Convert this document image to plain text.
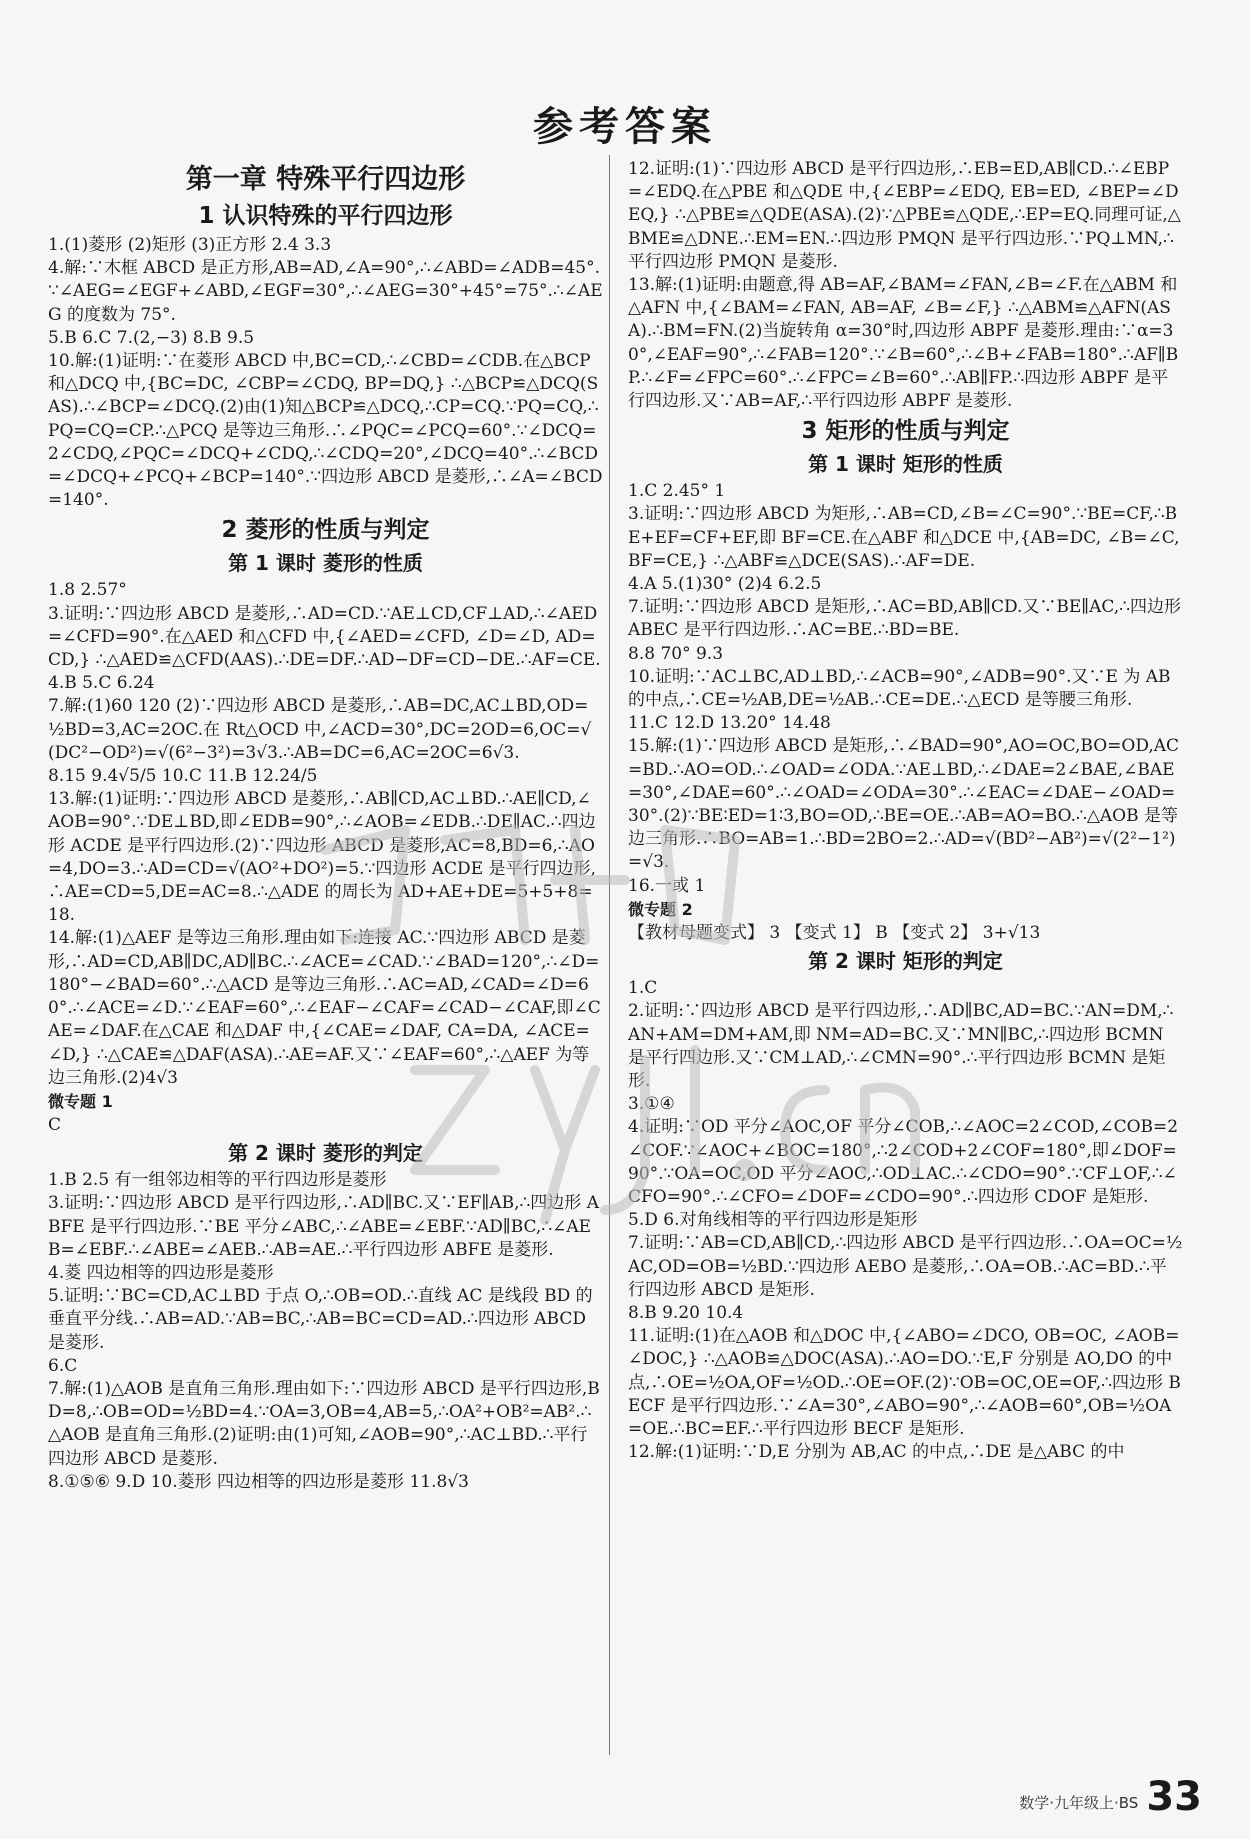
参考答案
第一章 特殊平行四边形
1 认识特殊的平行四边形
1.(1)菱形 (2)矩形 (3)正方形 2.4 3.3
4.解:∵木框 ABCD 是正方形,AB=AD,∠A=90°,∴∠ABD=∠ADB=45°.∵∠AEG=∠EGF+∠ABD,∠EGF=30°,∴∠AEG=30°+45°=75°.∴∠AEG 的度数为 75°.
5.B 6.C 7.(2,−3) 8.B 9.5
10.解:(1)证明:∵在菱形 ABCD 中,BC=CD,∴∠CBD=∠CDB.在△BCP 和△DCQ 中,{BC=DC, ∠CBP=∠CDQ, BP=DQ,} ∴△BCP≌△DCQ(SAS).∴∠BCP=∠DCQ.(2)由(1)知△BCP≌△DCQ,∴CP=CQ.∵PQ=CQ,∴PQ=CQ=CP.∴△PCQ 是等边三角形.∴∠PQC=∠PCQ=60°.∵∠DCQ=2∠CDQ,∠PQC=∠DCQ+∠CDQ,∴∠CDQ=20°,∠DCQ=40°.∴∠BCD=∠DCQ+∠PCQ+∠BCP=140°.∵四边形 ABCD 是菱形,∴∠A=∠BCD=140°.
2 菱形的性质与判定
第 1 课时 菱形的性质
1.8 2.57°
3.证明:∵四边形 ABCD 是菱形,∴AD=CD.∵AE⊥CD,CF⊥AD,∴∠AED=∠CFD=90°.在△AED 和△CFD 中,{∠AED=∠CFD, ∠D=∠D, AD=CD,} ∴△AED≌△CFD(AAS).∴DE=DF.∴AD−DF=CD−DE.∴AF=CE.
4.B 5.C 6.24
7.解:(1)60 120 (2)∵四边形 ABCD 是菱形,∴AB=DC,AC⊥BD,OD=½BD=3,AC=2OC.在 Rt△OCD 中,∠ACD=30°,DC=2OD=6,OC=√(DC²−OD²)=√(6²−3²)=3√3.∴AB=DC=6,AC=2OC=6√3.
8.15 9.4√5/5 10.C 11.B 12.24/5
13.解:(1)证明:∵四边形 ABCD 是菱形,∴AB∥CD,AC⊥BD.∴AE∥CD,∠AOB=90°.∵DE⊥BD,即∠EDB=90°,∴∠AOB=∠EDB.∴DE∥AC.∴四边形 ACDE 是平行四边形.(2)∵四边形 ABCD 是菱形,AC=8,BD=6,∴AO=4,DO=3.∴AD=CD=√(AO²+DO²)=5.∵四边形 ACDE 是平行四边形,∴AE=CD=5,DE=AC=8.∴△ADE 的周长为 AD+AE+DE=5+5+8=18.
14.解:(1)△AEF 是等边三角形.理由如下:连接 AC.∵四边形 ABCD 是菱形,∴AD=CD,AB∥DC,AD∥BC.∴∠ACE=∠CAD.∵∠BAD=120°,∴∠D=180°−∠BAD=60°.∴△ACD 是等边三角形.∴AC=AD,∠CAD=∠D=60°.∴∠ACE=∠D.∵∠EAF=60°,∴∠EAF−∠CAF=∠CAD−∠CAF,即∠CAE=∠DAF.在△CAE 和△DAF 中,{∠CAE=∠DAF, CA=DA, ∠ACE=∠D,} ∴△CAE≌△DAF(ASA).∴AE=AF.又∵∠EAF=60°,∴△AEF 为等边三角形.(2)4√3
微专题 1
C
第 2 课时 菱形的判定
1.B 2.5 有一组邻边相等的平行四边形是菱形
3.证明:∵四边形 ABCD 是平行四边形,∴AD∥BC.又∵EF∥AB,∴四边形 ABFE 是平行四边形.∵BE 平分∠ABC,∴∠ABE=∠EBF.∵AD∥BC,∴∠AEB=∠EBF.∴∠ABE=∠AEB.∴AB=AE.∴平行四边形 ABFE 是菱形.
4.菱 四边相等的四边形是菱形
5.证明:∵BC=CD,AC⊥BD 于点 O,∴OB=OD.∴直线 AC 是线段 BD 的垂直平分线.∴AB=AD.∵AB=BC,∴AB=BC=CD=AD.∴四边形 ABCD 是菱形.
6.C
7.解:(1)△AOB 是直角三角形.理由如下:∵四边形 ABCD 是平行四边形,BD=8,∴OB=OD=½BD=4.∵OA=3,OB=4,AB=5,∴OA²+OB²=AB².∴△AOB 是直角三角形.(2)证明:由(1)可知,∠AOB=90°,∴AC⊥BD.∴平行四边形 ABCD 是菱形.
8.①⑤⑥ 9.D 10.菱形 四边相等的四边形是菱形 11.8√3
12.证明:(1)∵四边形 ABCD 是平行四边形,∴EB=ED,AB∥CD.∴∠EBP=∠EDQ.在△PBE 和△QDE 中,{∠EBP=∠EDQ, EB=ED, ∠BEP=∠DEQ,} ∴△PBE≌△QDE(ASA).(2)∵△PBE≌△QDE,∴EP=EQ.同理可证,△BME≌△DNE.∴EM=EN.∴四边形 PMQN 是平行四边形.∵PQ⊥MN,∴平行四边形 PMQN 是菱形.
13.解:(1)证明:由题意,得 AB=AF,∠BAM=∠FAN,∠B=∠F.在△ABM 和△AFN 中,{∠BAM=∠FAN, AB=AF, ∠B=∠F,} ∴△ABM≌△AFN(ASA).∴BM=FN.(2)当旋转角 α=30°时,四边形 ABPF 是菱形.理由:∵α=30°,∠EAF=90°,∴∠FAB=120°.∵∠B=60°,∴∠B+∠FAB=180°.∴AF∥BP.∴∠F=∠FPC=60°.∴∠FPC=∠B=60°.∴AB∥FP.∴四边形 ABPF 是平行四边形.又∵AB=AF,∴平行四边形 ABPF 是菱形.
3 矩形的性质与判定
第 1 课时 矩形的性质
1.C 2.45° 1
3.证明:∵四边形 ABCD 为矩形,∴AB=CD,∠B=∠C=90°.∵BE=CF,∴BE+EF=CF+EF,即 BF=CE.在△ABF 和△DCE 中,{AB=DC, ∠B=∠C, BF=CE,} ∴△ABF≌△DCE(SAS).∴AF=DE.
4.A 5.(1)30° (2)4 6.2.5
7.证明:∵四边形 ABCD 是矩形,∴AC=BD,AB∥CD.又∵BE∥AC,∴四边形 ABEC 是平行四边形.∴AC=BE.∴BD=BE.
8.8 70° 9.3
10.证明:∵AC⊥BC,AD⊥BD,∴∠ACB=90°,∠ADB=90°.又∵E 为 AB 的中点,∴CE=½AB,DE=½AB.∴CE=DE.∴△ECD 是等腰三角形.
11.C 12.D 13.20° 14.48
15.解:(1)∵四边形 ABCD 是矩形,∴∠BAD=90°,AO=OC,BO=OD,AC=BD.∴AO=OD.∴∠OAD=∠ODA.∵AE⊥BD,∴∠DAE=2∠BAE,∠BAE=30°,∠DAE=60°.∴∠OAD=∠ODA=30°.∴∠EAC=∠DAE−∠OAD=30°.(2)∵BE∶ED=1∶3,BO=OD,∴BE=OE.∴AB=AO=BO.∴△AOB 是等边三角形.∴BO=AB=1.∴BD=2BO=2.∴AD=√(BD²−AB²)=√(2²−1²)=√3.
16.一或 1
微专题 2
【教材母题变式】 3 【变式 1】 B 【变式 2】 3+√13
第 2 课时 矩形的判定
1.C
2.证明:∵四边形 ABCD 是平行四边形,∴AD∥BC,AD=BC.∵AN=DM,∴AN+AM=DM+AM,即 NM=AD=BC.又∵MN∥BC,∴四边形 BCMN 是平行四边形.又∵CM⊥AD,∴∠CMN=90°.∴平行四边形 BCMN 是矩形.
3.①④
4.证明:∵OD 平分∠AOC,OF 平分∠COB,∴∠AOC=2∠COD,∠COB=2∠COF.∵∠AOC+∠BOC=180°,∴2∠COD+2∠COF=180°,即∠DOF=90°.∵OA=OC,OD 平分∠AOC,∴OD⊥AC.∴∠CDO=90°.∵CF⊥OF,∴∠CFO=90°.∴∠CFO=∠DOF=∠CDO=90°.∴四边形 CDOF 是矩形.
5.D 6.对角线相等的平行四边形是矩形
7.证明:∵AB=CD,AB∥CD,∴四边形 ABCD 是平行四边形.∴OA=OC=½AC,OD=OB=½BD.∵四边形 AEBO 是菱形,∴OA=OB.∴AC=BD.∴平行四边形 ABCD 是矩形.
8.B 9.20 10.4
11.证明:(1)在△AOB 和△DOC 中,{∠ABO=∠DCO, OB=OC, ∠AOB=∠DOC,} ∴△AOB≌△DOC(ASA).∴AO=DO.∵E,F 分别是 AO,DO 的中点,∴OE=½OA,OF=½OD.∴OE=OF.(2)∵OB=OC,OE=OF,∴四边形 BECF 是平行四边形.∵∠A=30°,∠ABO=90°,∴∠AOB=60°,OB=½OA=OE.∴BC=EF.∴平行四边形 BECF 是矩形.
12.解:(1)证明:∵D,E 分别为 AB,AC 的中点,∴DE 是△ABC 的中
数学·九年级上·BS 33
